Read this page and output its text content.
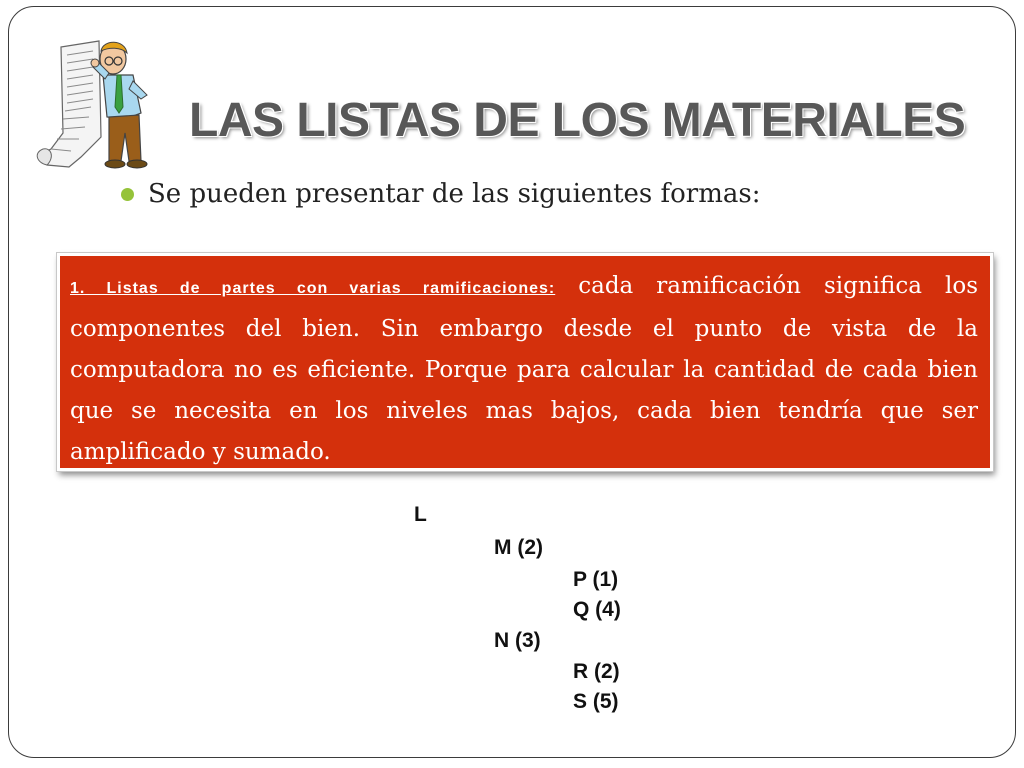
LAS LISTAS DE LOS MATERIALES
Se pueden presentar de las siguientes formas:
1. Listas de partes con varias ramificaciones: cada ramificación significa los componentes del bien. Sin embargo desde el punto de vista de la computadora no es eficiente. Porque para calcular la cantidad de cada bien que se necesita en los niveles mas bajos, cada bien tendría que ser amplificado y sumado.
L
M (2)
P (1)
Q (4)
N (3)
R (2)
S (5)
